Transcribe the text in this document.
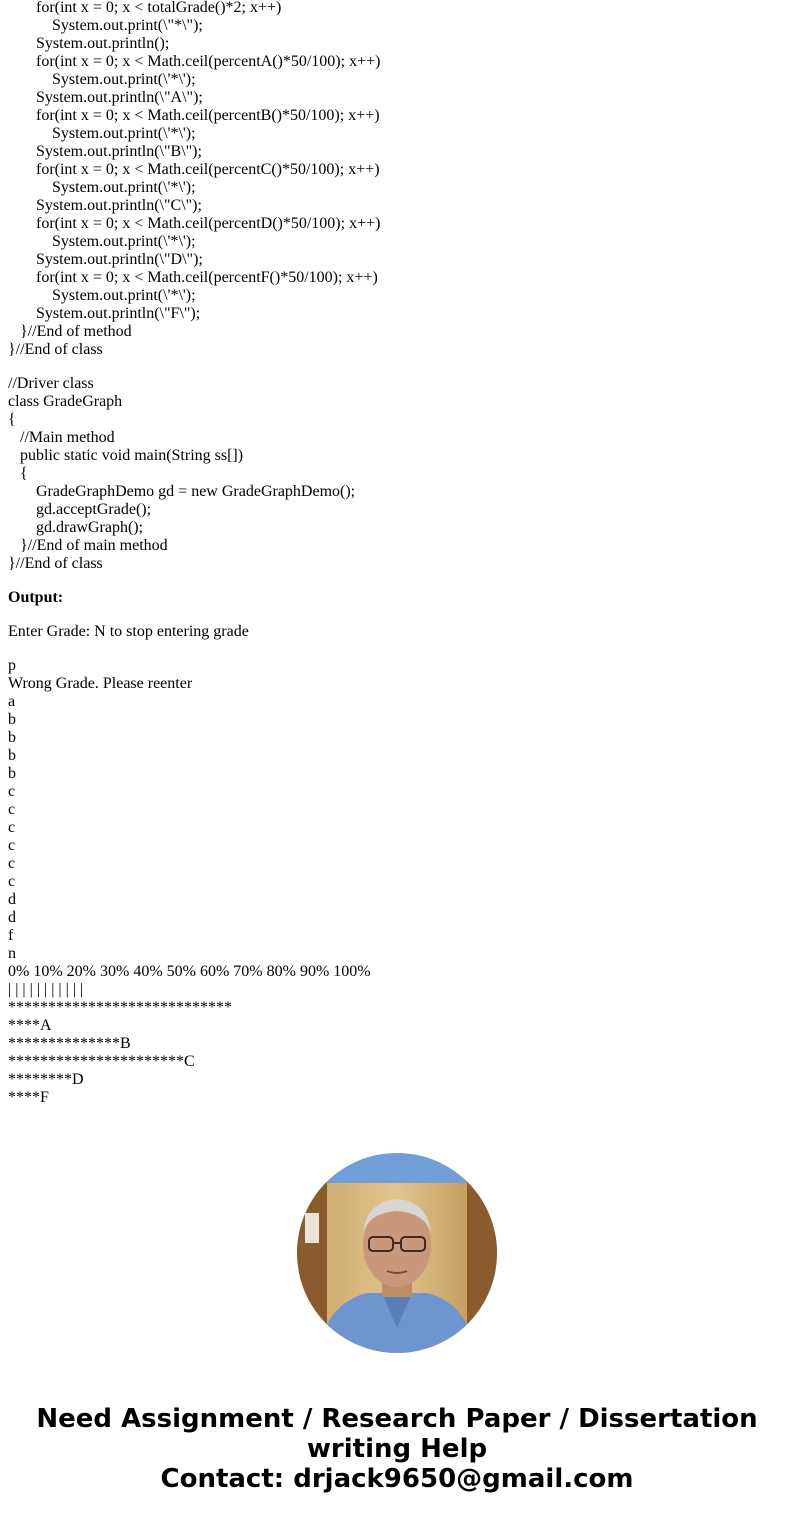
for(int x = 0; x < totalGrade()*2; x++)
System.out.print(\"*\");
System.out.println();
for(int x = 0; x < Math.ceil(percentA()*50/100); x++)
System.out.print(\'*\');
System.out.println(\"A\");
for(int x = 0; x < Math.ceil(percentB()*50/100); x++)
System.out.print(\'*\');
System.out.println(\"B\");
for(int x = 0; x < Math.ceil(percentC()*50/100); x++)
System.out.print(\'*\');
System.out.println(\"C\");
for(int x = 0; x < Math.ceil(percentD()*50/100); x++)
System.out.print(\'*\');
System.out.println(\"D\");
for(int x = 0; x < Math.ceil(percentF()*50/100); x++)
System.out.print(\'*\');
System.out.println(\"F\");
}//End of method
}//End of class
//Driver class
class GradeGraph
{
//Main method
public static void main(String ss[])
{
GradeGraphDemo gd = new GradeGraphDemo();
gd.acceptGrade();
gd.drawGraph();
}//End of main method
}//End of class
Output:
Enter Grade: N to stop entering grade
p
Wrong Grade. Please reenter
a
b
b
b
b
c
c
c
c
c
c
d
d
f
n
0% 10% 20% 30% 40% 50% 60% 70% 80% 90% 100%
| | | | | | | | | | |
****************************
****A
**************B
**********************C
********D
****F
Need Assignment / Research Paper / Dissertation writing Help
Contact: drjack9650@gmail.com
